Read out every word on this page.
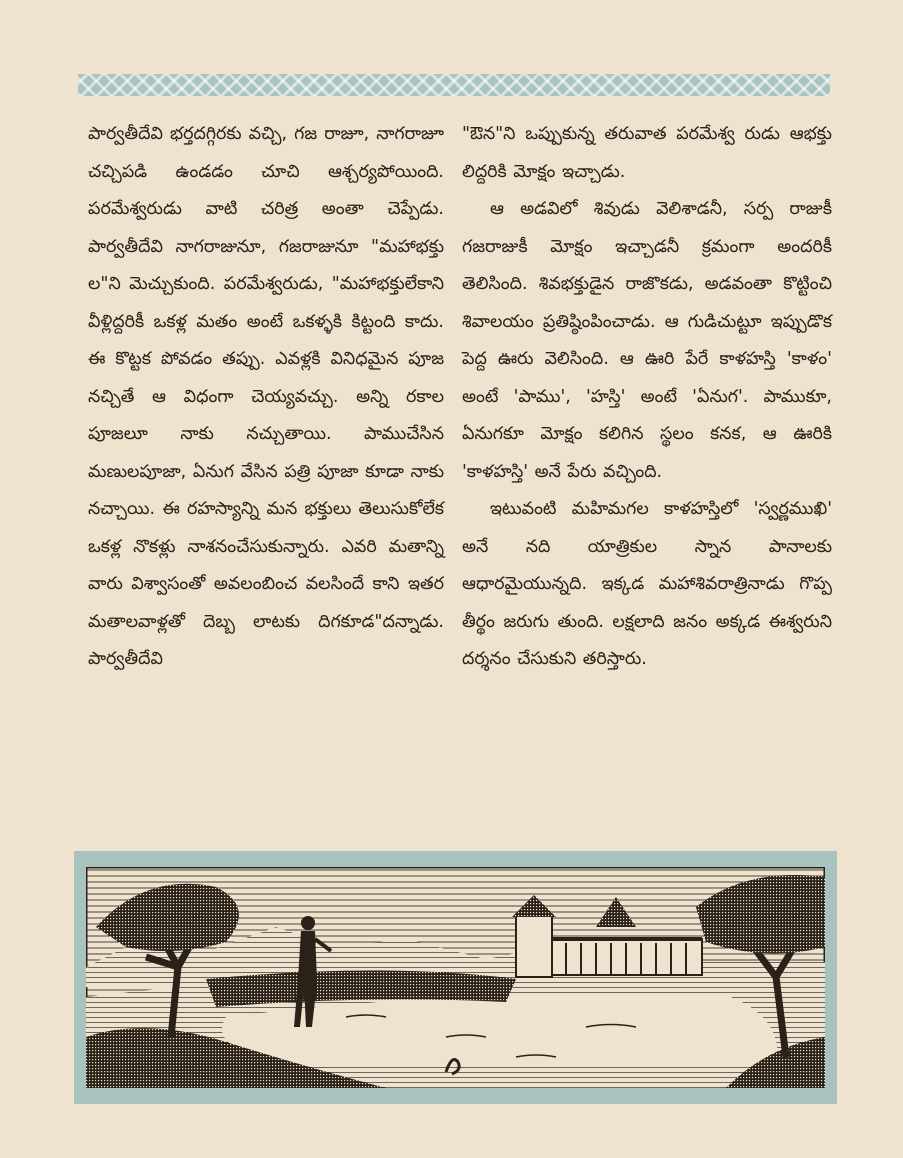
పార్వతీదేవి భర్తదగ్గిరకు వచ్చి, గజ రాజూ, నాగరాజూ చచ్చిపడి ఉండడం చూచి ఆశ్చర్యపోయింది. పరమేశ్వరుడు వాటి చరిత్ర అంతా చెప్పేడు. పార్వతీదేవి నాగరాజునూ, గజరాజునూ "మహాభక్తు ల"ని మెచ్చుకుంది. పరమేశ్వరుడు, "మహాభక్తులేకాని వీళ్లిద్దరికీ ఒకళ్ల మతం అంటే ఒకళ్ళకి కిట్టంది కాదు. ఈ కొట్టక పోవడం తప్పు. ఎవళ్లకి వినిధమైన పూజ నచ్చితే ఆ విధంగా చెయ్యవచ్చు. అన్ని రకాల పూజలూ నాకు నచ్చుతాయి. పాముచేసిన మణులపూజా, ఏనుగ వేసిన పత్రి పూజా కూడా నాకు నచ్చాయి. ఈ రహస్యాన్ని మన భక్తులు తెలుసుకోలేక ఒకళ్ల నొకళ్లు నాశనంచేసుకున్నారు. ఎవరి మతాన్ని వారు విశ్వాసంతో అవలంబించ వలసిందే కాని ఇతర మతాలవాళ్లతో దెబ్బ లాటకు దిగకూడ"దన్నాడు. పార్వతీదేవి

"ఔన"ని ఒప్పుకున్న తరువాత పరమేశ్వ రుడు ఆభక్తు లిద్దరికి మోక్షం ఇచ్చాడు.

ఆ అడవిలో శివుడు వెలిశాడనీ, సర్ప రాజుకీ గజరాజుకీ మోక్షం ఇచ్చాడనీ క్రమంగా అందరికీ తెలిసింది. శివభక్తుడైన రాజొకడు, అడవంతా కొట్టించి శివాలయం ప్రతిష్ఠింపించాడు. ఆ గుడిచుట్టూ ఇప్పుడొక పెద్ద ఊరు వెలిసింది. ఆ ఊరి పేరే కాళహస్తి 'కాళం' అంటే 'పాము', 'హస్తి' అంటే 'ఏనుగ'. పాముకూ, ఏనుగకూ మోక్షం కలిగిన స్థలం కనక, ఆ ఊరికి 'కాళహస్తి' అనే పేరు వచ్చింది.

ఇటువంటి మహిమగల కాళహస్తిలో 'స్వర్ణముఖి' అనే నది యాత్రికుల స్నాన పానాలకు ఆధారమైయున్నది. ఇక్కడ మహాశివరాత్రినాడు గొప్ప తీర్థం జరుగు తుంది. లక్షలాది జనం అక్కడ ఈశ్వరుని దర్శనం చేసుకుని తరిస్తారు.
